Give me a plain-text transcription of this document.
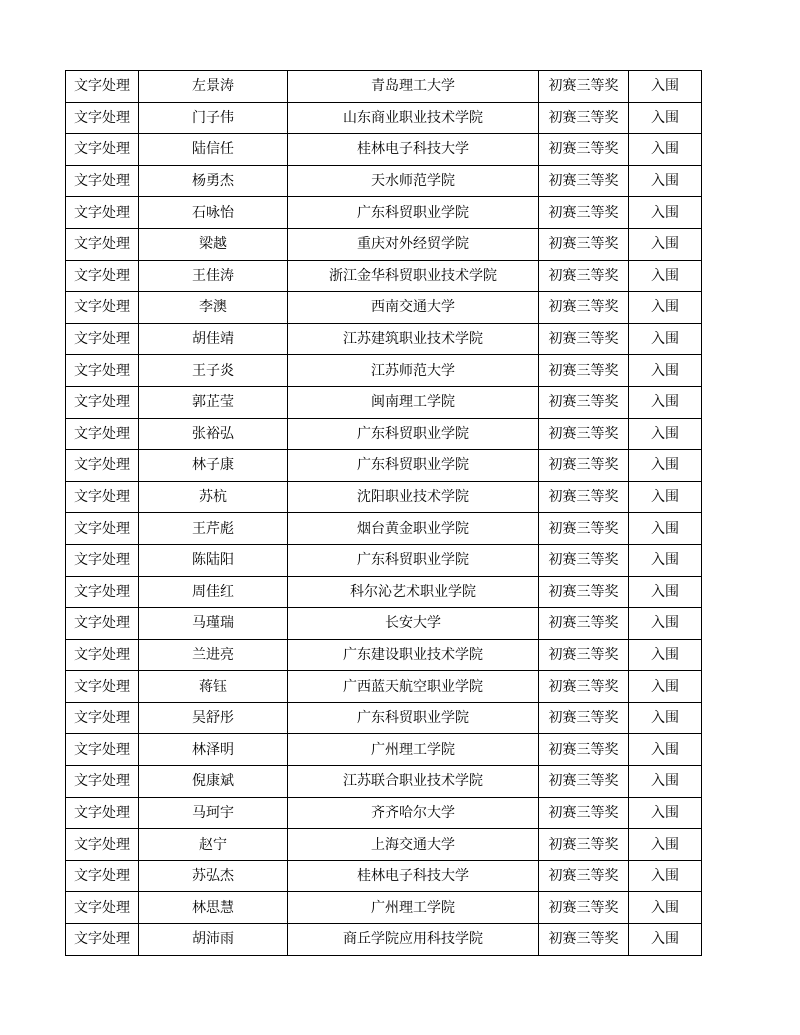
文字处理	左景涛	青岛理工大学	初赛三等奖	入围
文字处理	门子伟	山东商业职业技术学院	初赛三等奖	入围
文字处理	陆信任	桂林电子科技大学	初赛三等奖	入围
文字处理	杨勇杰	天水师范学院	初赛三等奖	入围
文字处理	石咏怡	广东科贸职业学院	初赛三等奖	入围
文字处理	梁越	重庆对外经贸学院	初赛三等奖	入围
文字处理	王佳涛	浙江金华科贸职业技术学院	初赛三等奖	入围
文字处理	李澳	西南交通大学	初赛三等奖	入围
文字处理	胡佳靖	江苏建筑职业技术学院	初赛三等奖	入围
文字处理	王子炎	江苏师范大学	初赛三等奖	入围
文字处理	郭芷莹	闽南理工学院	初赛三等奖	入围
文字处理	张裕弘	广东科贸职业学院	初赛三等奖	入围
文字处理	林子康	广东科贸职业学院	初赛三等奖	入围
文字处理	苏杭	沈阳职业技术学院	初赛三等奖	入围
文字处理	王芹彪	烟台黄金职业学院	初赛三等奖	入围
文字处理	陈陆阳	广东科贸职业学院	初赛三等奖	入围
文字处理	周佳红	科尔沁艺术职业学院	初赛三等奖	入围
文字处理	马瑾瑞	长安大学	初赛三等奖	入围
文字处理	兰进亮	广东建设职业技术学院	初赛三等奖	入围
文字处理	蒋钰	广西蓝天航空职业学院	初赛三等奖	入围
文字处理	吴舒彤	广东科贸职业学院	初赛三等奖	入围
文字处理	林泽明	广州理工学院	初赛三等奖	入围
文字处理	倪康斌	江苏联合职业技术学院	初赛三等奖	入围
文字处理	马珂宇	齐齐哈尔大学	初赛三等奖	入围
文字处理	赵宁	上海交通大学	初赛三等奖	入围
文字处理	苏弘杰	桂林电子科技大学	初赛三等奖	入围
文字处理	林思慧	广州理工学院	初赛三等奖	入围
文字处理	胡沛雨	商丘学院应用科技学院	初赛三等奖	入围
